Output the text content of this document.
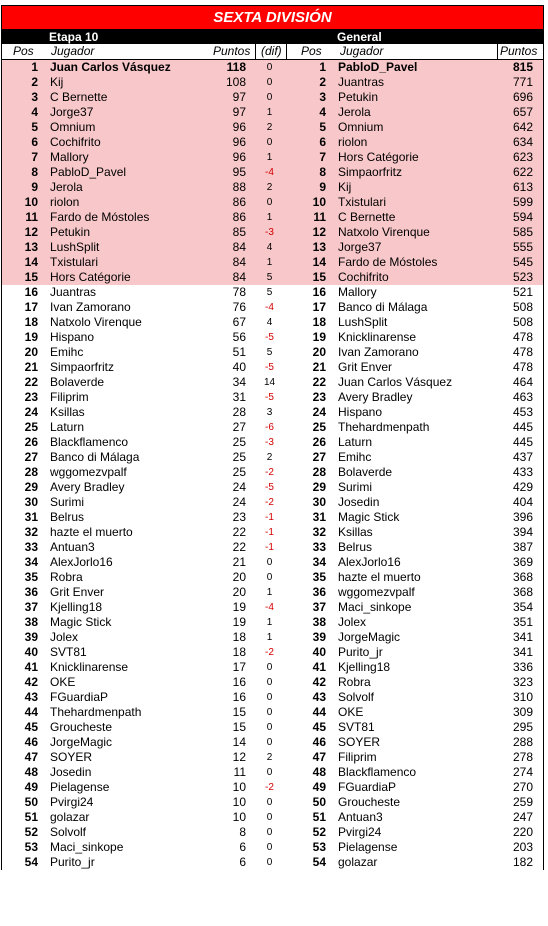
SEXTA DIVISIÓN
Etapa 10	General
Pos Jugador	Puntos (dif) Pos Jugador	Puntos
1 Juan Carlos Vásquez	118	0	1 PabloD_Pavel	815
2 Kij	108	0	2 Juantras	771
3 C Bernette	97	0	3 Petukin	696
4 Jorge37	97	1	4 Jerola	657
5 Omnium	96	2	5 Omnium	642
6 Cochifrito	96	0	6 riolon	634
7 Mallory	96	1	7 Hors Catégorie	623
8 PabloD_Pavel	95	-4	8 Simpaorfritz	622
9 Jerola	88	2	9 Kij	613
10 riolon	86	0	10 Txistulari	599
11 Fardo de Móstoles	86	1	11 C Bernette	594
12 Petukin	85	-3	12 Natxolo Virenque	585
13 LushSplit	84	4	13 Jorge37	555
14 Txistulari	84	1	14 Fardo de Móstoles	545
15 Hors Catégorie	84	5	15 Cochifrito	523
16 Juantras	78	5	16 Mallory	521
17 Ivan Zamorano	76	-4	17 Banco di Málaga	508
18 Natxolo Virenque	67	4	18 LushSplit	508
19 Hispano	56	-5	19 Knicklinarense	478
20 Emihc	51	5	20 Ivan Zamorano	478
21 Simpaorfritz	40	-5	21 Grit Enver	478
22 Bolaverde	34	14	22 Juan Carlos Vásquez	464
23 Filiprim	31	-5	23 Avery Bradley	463
24 Ksillas	28	3	24 Hispano	453
25 Laturn	27	-6	25 Thehardmenpath	445
26 Blackflamenco	25	-3	26 Laturn	445
27 Banco di Málaga	25	2	27 Emihc	437
28 wggomezvpalf	25	-2	28 Bolaverde	433
29 Avery Bradley	24	-5	29 Surimi	429
30 Surimi	24	-2	30 Josedin	404
31 Belrus	23	-1	31 Magic Stick	396
32 hazte el muerto	22	-1	32 Ksillas	394
33 Antuan3	22	-1	33 Belrus	387
34 AlexJorlo16	21	0	34 AlexJorlo16	369
35 Robra	20	0	35 hazte el muerto	368
36 Grit Enver	20	1	36 wggomezvpalf	368
37 Kjelling18	19	-4	37 Maci_sinkope	354
38 Magic Stick	19	1	38 Jolex	351
39 Jolex	18	1	39 JorgeMagic	341
40 SVT81	18	-2	40 Purito_jr	341
41 Knicklinarense	17	0	41 Kjelling18	336
42 OKE	16	0	42 Robra	323
43 FGuardiaP	16	0	43 Solvolf	310
44 Thehardmenpath	15	0	44 OKE	309
45 Groucheste	15	0	45 SVT81	295
46 JorgeMagic	14	0	46 SOYER	288
47 SOYER	12	2	47 Filiprim	278
48 Josedin	11	0	48 Blackflamenco	274
49 Pielagense	10	-2	49 FGuardiaP	270
50 Pvirgi24	10	0	50 Groucheste	259
51 golazar	10	0	51 Antuan3	247
52 Solvolf	8	0	52 Pvirgi24	220
53 Maci_sinkope	6	0	53 Pielagense	203
54 Purito_jr	6	0	54 golazar	182
